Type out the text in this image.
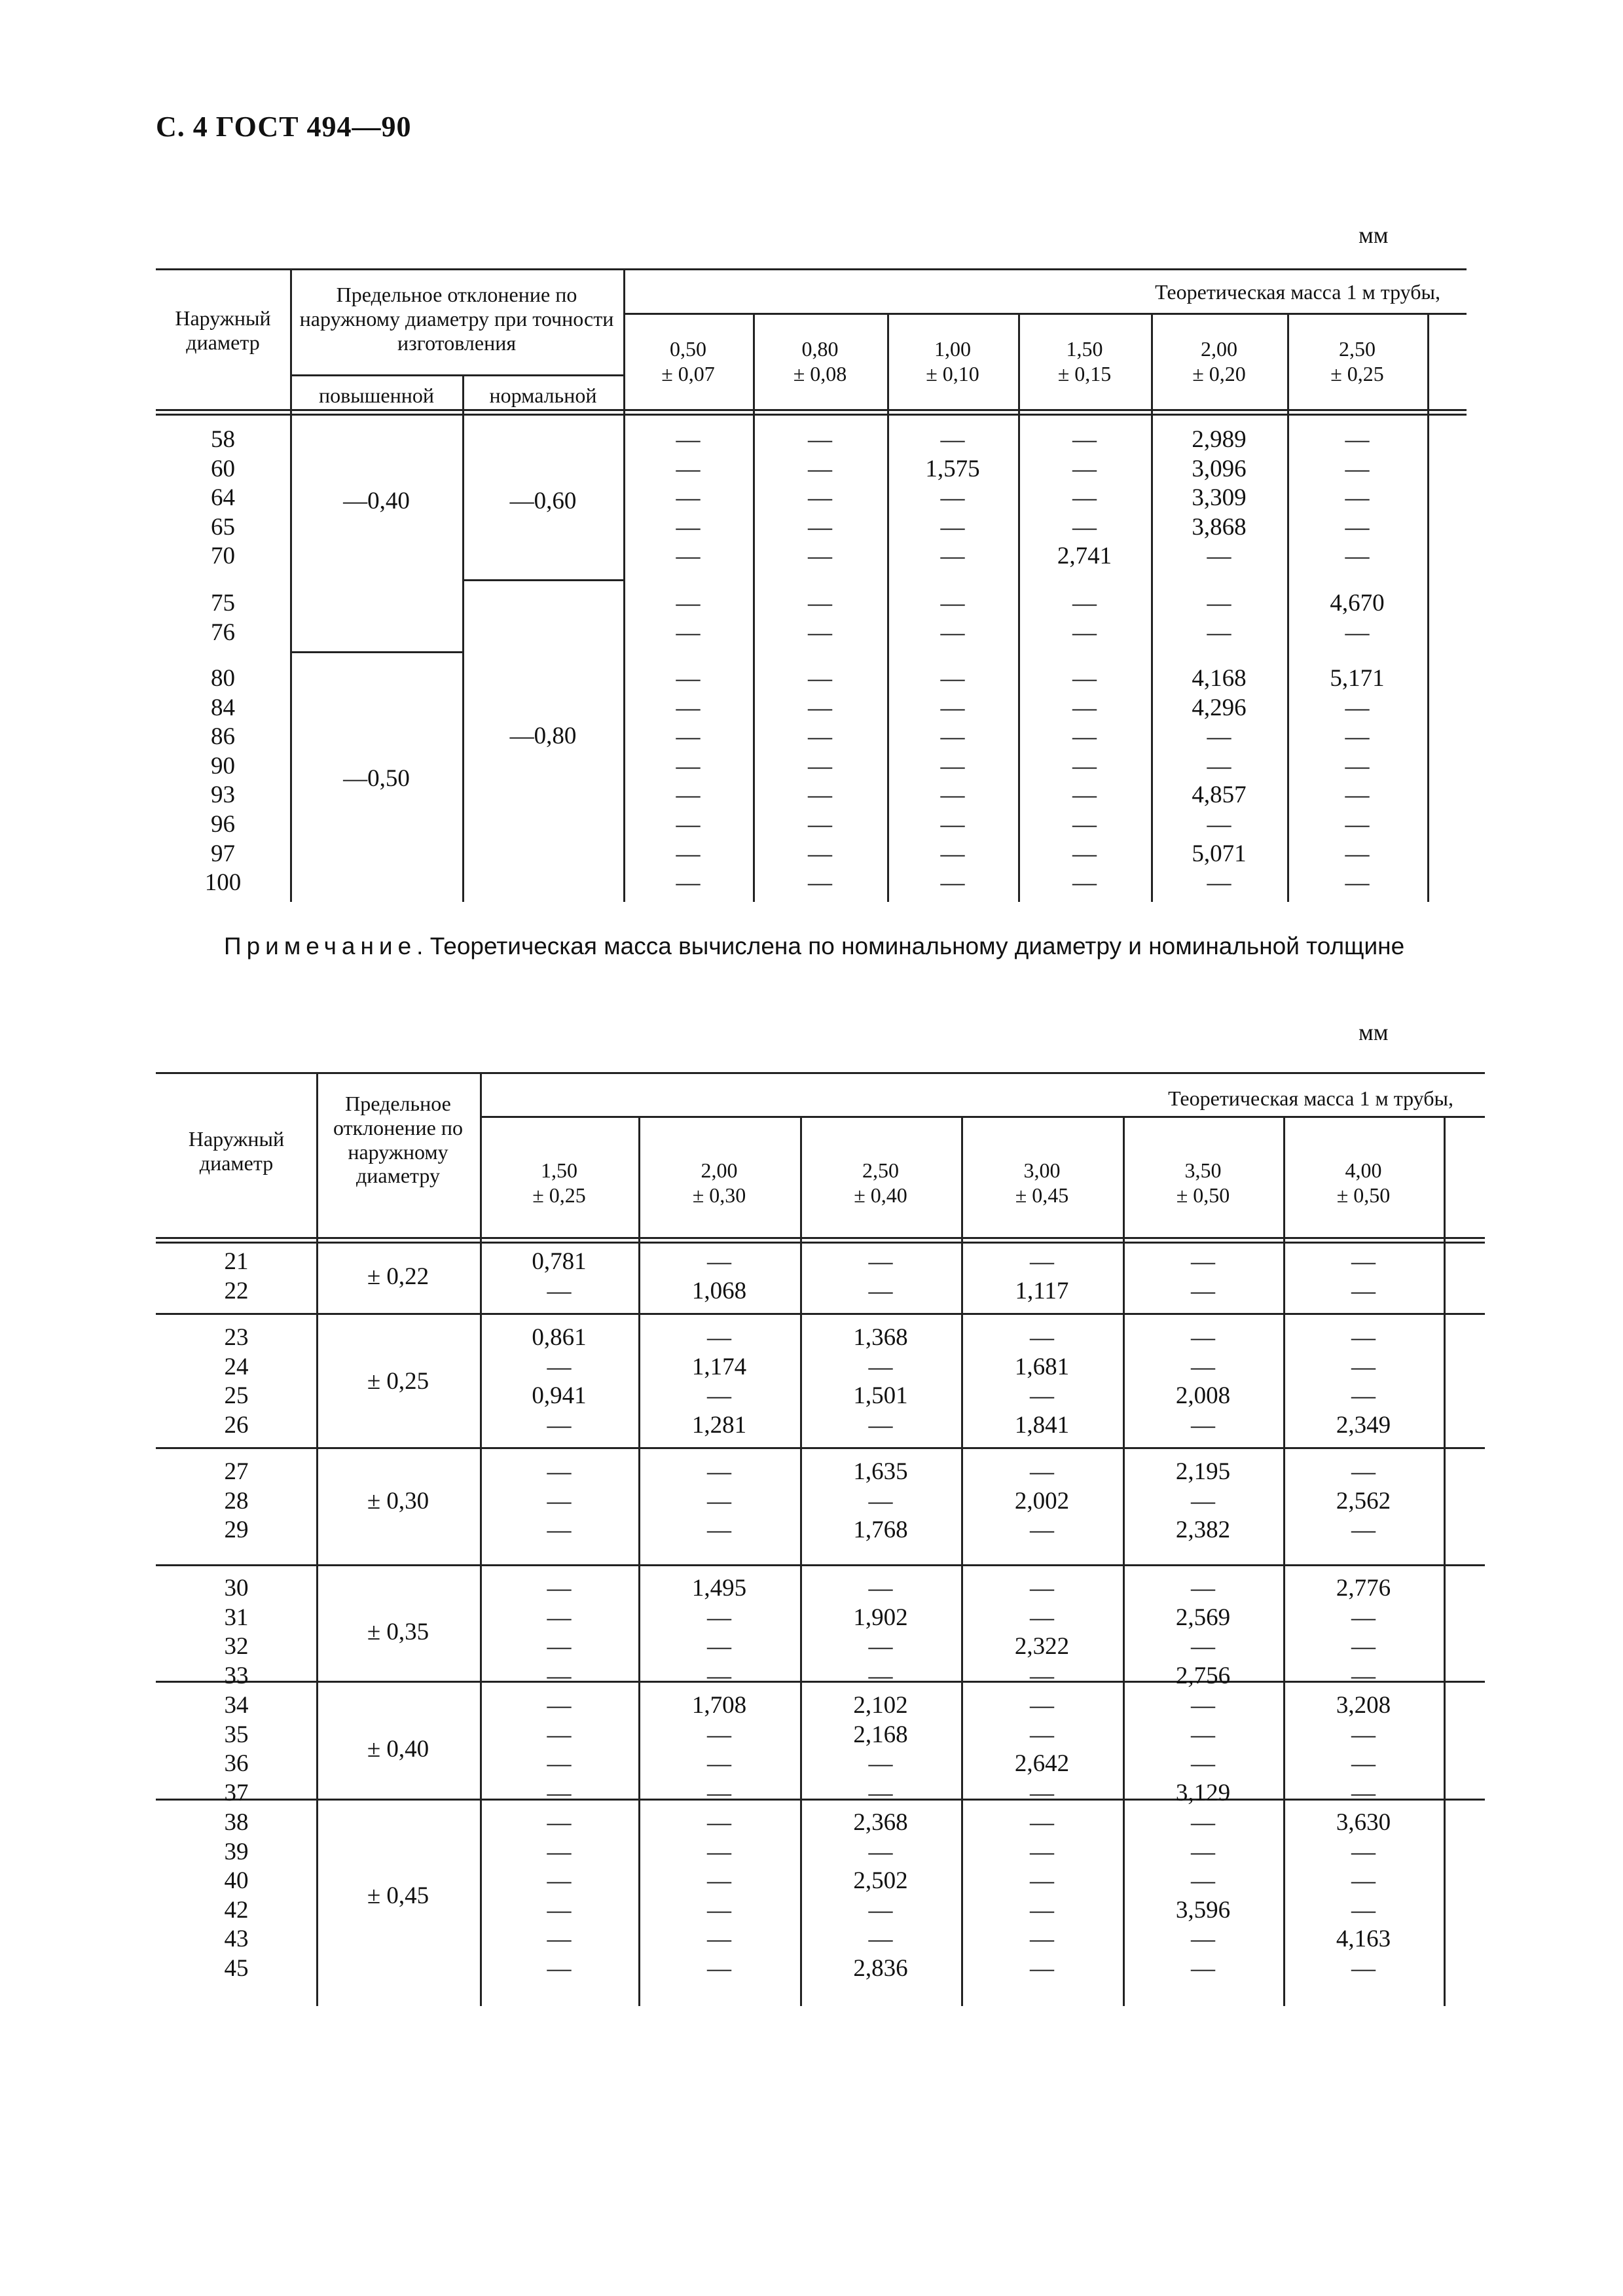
С. 4 ГОСТ 494—90
мм
мм
Примечание. Теоретическая масса вычислена по номинальному диаметру и номинальной толщине
Наружный диаметр
Предельное отклонение по наружному диаметру при точности изготовления
повышенной	нормальной
Теоретическая масса 1 м трубы,
0,50
± 0,07
0,80
± 0,08
1,00
± 0,10
1,50
± 0,15
2,00
± 0,20
2,50
± 0,25
—0,40
—0,50
—0,60
—0,80
58
60
64
65
70
—
—
—
—
—
—
—
—
—
—
—
1,575
—
—
—
—
—
—
—
2,741
2,989
3,096
3,309
3,868
—
—
—
—
—
—
75
76
—
—
—
—
—
—
—
—
—
—
4,670
—
80
84
86
90
93
96
97
100
—
—
—
—
—
—
—
—
—
—
—
—
—
—
—
—
—
—
—
—
—
—
—
—
—
—
—
—
—
—
—
—
4,168
4,296
—
—
4,857
—
5,071
—
5,171
—
—
—
—
—
—
—
Наружный диаметр
Предельное отклонение по наружному диаметру
Теоретическая масса 1 м трубы,
1,50
± 0,25
2,00
± 0,30
2,50
± 0,40
3,00
± 0,45
3,50
± 0,50
4,00
± 0,50
21
22
± 0,22
0,781
—
—
1,068
—
—
—
1,117
—
—
—
—
23
24
25
26
± 0,25
0,861
—
0,941
—
—
1,174
—
1,281
1,368
—
1,501
—
—
1,681
—
1,841
—
—
2,008
—
—
—
—
2,349
27
28
29
± 0,30
—
—
—
—
—
—
1,635
—
1,768
—
2,002
—
2,195
—
2,382
—
2,562
—
30
31
32
33
± 0,35
—
—
—
—
1,495
—
—
—
—
1,902
—
—
—
—
2,322
—
—
2,569
—
2,756
2,776
—
—
—
34
35
36
37
± 0,40
—
—
—
—
1,708
—
—
—
2,102
2,168
—
—
—
—
2,642
—
—
—
—
3,129
3,208
—
—
—
38
39
40
42
43
45
± 0,45
—
—
—
—
—
—
—
—
—
—
—
—
2,368
—
2,502
—
—
2,836
—
—
—
—
—
—
—
—
—
3,596
—
—
3,630
—
—
—
4,163
—
